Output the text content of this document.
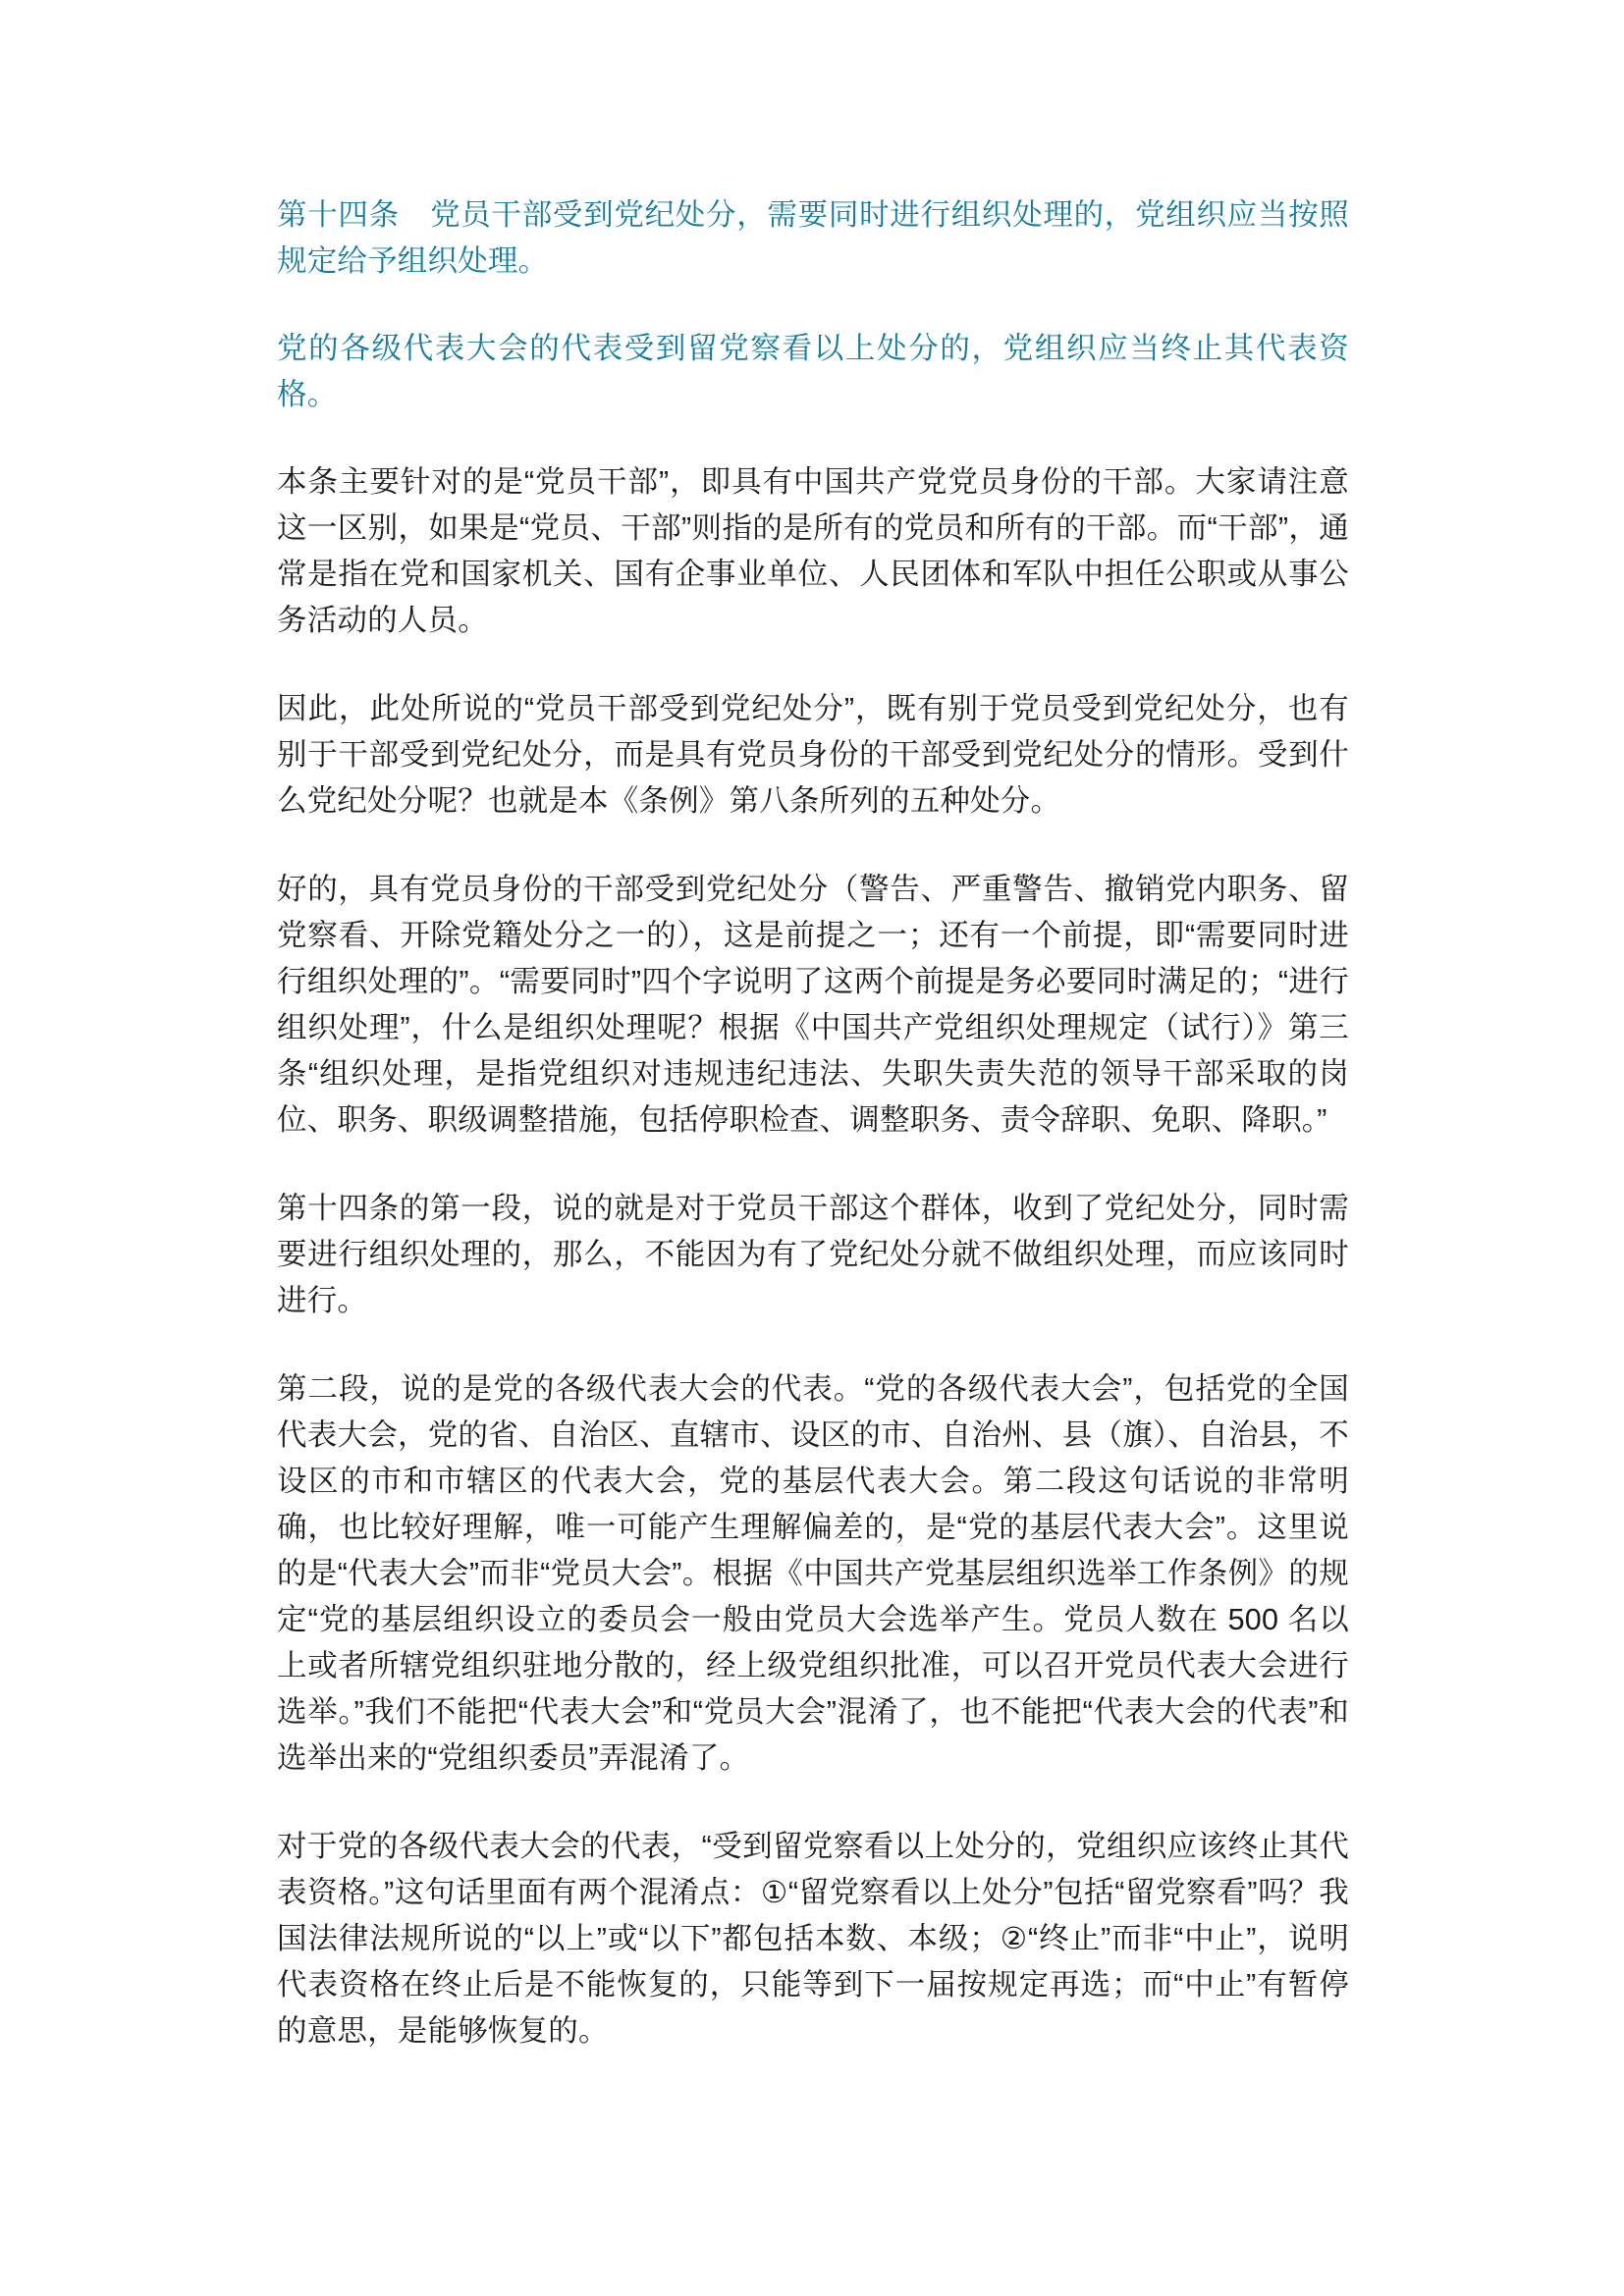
第十四条　党员干部受到党纪处分，需要同时进行组织处理的，党组织应当按照规定给予组织处理。

党的各级代表大会的代表受到留党察看以上处分的，党组织应当终止其代表资格。

本条主要针对的是“党员干部”，即具有中国共产党党员身份的干部。大家请注意这一区别，如果是“党员、干部”则指的是所有的党员和所有的干部。而“干部”，通常是指在党和国家机关、国有企事业单位、人民团体和军队中担任公职或从事公务活动的人员。

因此，此处所说的“党员干部受到党纪处分”，既有别于党员受到党纪处分，也有别于干部受到党纪处分，而是具有党员身份的干部受到党纪处分的情形。受到什么党纪处分呢？也就是本《条例》第八条所列的五种处分。

好的，具有党员身份的干部受到党纪处分（警告、严重警告、撤销党内职务、留党察看、开除党籍处分之一的），这是前提之一；还有一个前提，即“需要同时进行组织处理的”。“需要同时”四个字说明了这两个前提是务必要同时满足的；“进行组织处理”，什么是组织处理呢？根据《中国共产党组织处理规定（试行）》第三条“组织处理，是指党组织对违规违纪违法、失职失责失范的领导干部采取的岗位、职务、职级调整措施，包括停职检查、调整职务、责令辞职、免职、降职。”

第十四条的第一段，说的就是对于党员干部这个群体，收到了党纪处分，同时需要进行组织处理的，那么，不能因为有了党纪处分就不做组织处理，而应该同时进行。

第二段，说的是党的各级代表大会的代表。“党的各级代表大会”，包括党的全国代表大会，党的省、自治区、直辖市、设区的市、自治州、县（旗）、自治县，不设区的市和市辖区的代表大会，党的基层代表大会。第二段这句话说的非常明确，也比较好理解，唯一可能产生理解偏差的，是“党的基层代表大会”。这里说的是“代表大会”而非“党员大会”。根据《中国共产党基层组织选举工作条例》的规定“党的基层组织设立的委员会一般由党员大会选举产生。党员人数在 500 名以上或者所辖党组织驻地分散的，经上级党组织批准，可以召开党员代表大会进行选举。”我们不能把“代表大会”和“党员大会”混淆了，也不能把“代表大会的代表”和选举出来的“党组织委员”弄混淆了。

对于党的各级代表大会的代表，“受到留党察看以上处分的，党组织应该终止其代表资格。”这句话里面有两个混淆点：①“留党察看以上处分”包括“留党察看”吗？我国法律法规所说的“以上”或“以下”都包括本数、本级；②“终止”而非“中止”，说明代表资格在终止后是不能恢复的，只能等到下一届按规定再选；而“中止”有暂停的意思，是能够恢复的。
